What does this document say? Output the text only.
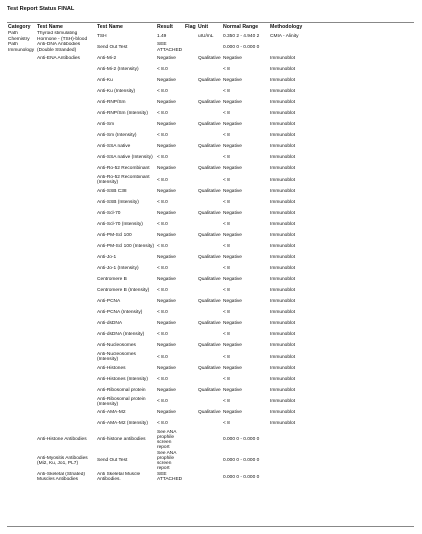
Test Report Status FINAL
Category	Test Name	Test Name	Result	Flag	Unit	Normal Range	Methodology
Path Chemistry	Thyroid stimulating Hormone - (TSH)-blood	TSH	1.49		uIU/mL	0.350 2 - 4.940 2	CMIA - Alinity
Path Immunology	Anti-DNA Antibodies (Double Stranded)	Send Out Test	SEE ATTACHED			0.000 0 - 0.000 0	
	Anti-ENA Antibodies	Anti-Mi-2	Negative		Qualitative	Negative	Immunoblot
		Anti-Mi-2 (Intensity)	< 8.0			< 8	Immunoblot
		Anti-Ku	Negative		Qualitative	Negative	Immunoblot
		Anti-Ku (Intensity)	< 8.0			< 8	Immunoblot
		Anti-RNP/Sm	Negative		Qualitative	Negative	Immunoblot
		Anti-RNP/Sm (Intensity)	< 8.0			< 8	Immunoblot
		Anti-Sm	Negative		Qualitative	Negative	Immunoblot
		Anti-Sm (Intensity)	< 8.0			< 8	Immunoblot
		Anti-SSA native	Negative		Qualitative	Negative	Immunoblot
		Anti-SSA native (Intensity)	< 8.0			< 8	Immunoblot
		Anti-Ro-52 Recombinant	Negative		Qualitative	Negative	Immunoblot
		Anti-Ro-52 Recombinant (Intensity)	< 8.0			< 8	Immunoblot
		Anti-SSB C38	Negative		Qualitative	Negative	Immunoblot
		Anti-SSB (Intensity)	< 8.0			< 8	Immunoblot
		Anti-Scl-70	Negative		Qualitative	Negative	Immunoblot
		Anti-Scl-70 (Intensity)	< 8.0			< 8	Immunoblot
		Anti-PM-Scl 100	Negative		Qualitative	Negative	Immunoblot
		Anti-PM-Scl 100 (Intensity)	< 8.0			< 8	Immunoblot
		Anti-Jo-1	Negative		Qualitative	Negative	Immunoblot
		Anti-Jo-1 (Intensity)	< 8.0			< 8	Immunoblot
		Centromere B	Negative		Qualitative	Negative	Immunoblot
		Centromere B (Intensity)	< 8.0			< 8	Immunoblot
		Anti-PCNA	Negative		Qualitative	Negative	Immunoblot
		Anti-PCNA (Intensity)	< 8.0			< 8	Immunoblot
		Anti-dsDNA	Negative		Qualitative	Negative	Immunoblot
		Anti-dsDNA (Intensity)	< 8.0			< 8	Immunoblot
		Anti-Nucleosomes	Negative		Qualitative	Negative	Immunoblot
		Anti-Nucleosomes (Intensity)	< 8.0			< 8	Immunoblot
		Anti-Histones	Negative		Qualitative	Negative	Immunoblot
		Anti-Histones (Intensity)	< 8.0			< 8	Immunoblot
		Anti-Ribosomal protein	Negative		Qualitative	Negative	Immunoblot
		Anti-Ribosomal protein (Intensity)	< 8.0			< 8	Immunoblot
		Anti-AMA-M2	Negative		Qualitative	Negative	Immunoblot
		Anti-AMA-M2 (Intensity)	< 8.0			< 8	Immunoblot
	Anti-Histone Antibodies	Anti-histone antibodies	See ANA prophile screen report			0.000 0 - 0.000 0	
	Anti-Myositis Antibodies (Mi2, Ku, Jo1, PL7)	Send Out Test	See ANA prophile screen report			0.000 0 - 0.000 0	
	Anti-Skeletal (Striated) Muscles Antibodies	Anti Skeletal Muscle Antibodies.	SEE ATTACHED			0.000 0 - 0.000 0	
